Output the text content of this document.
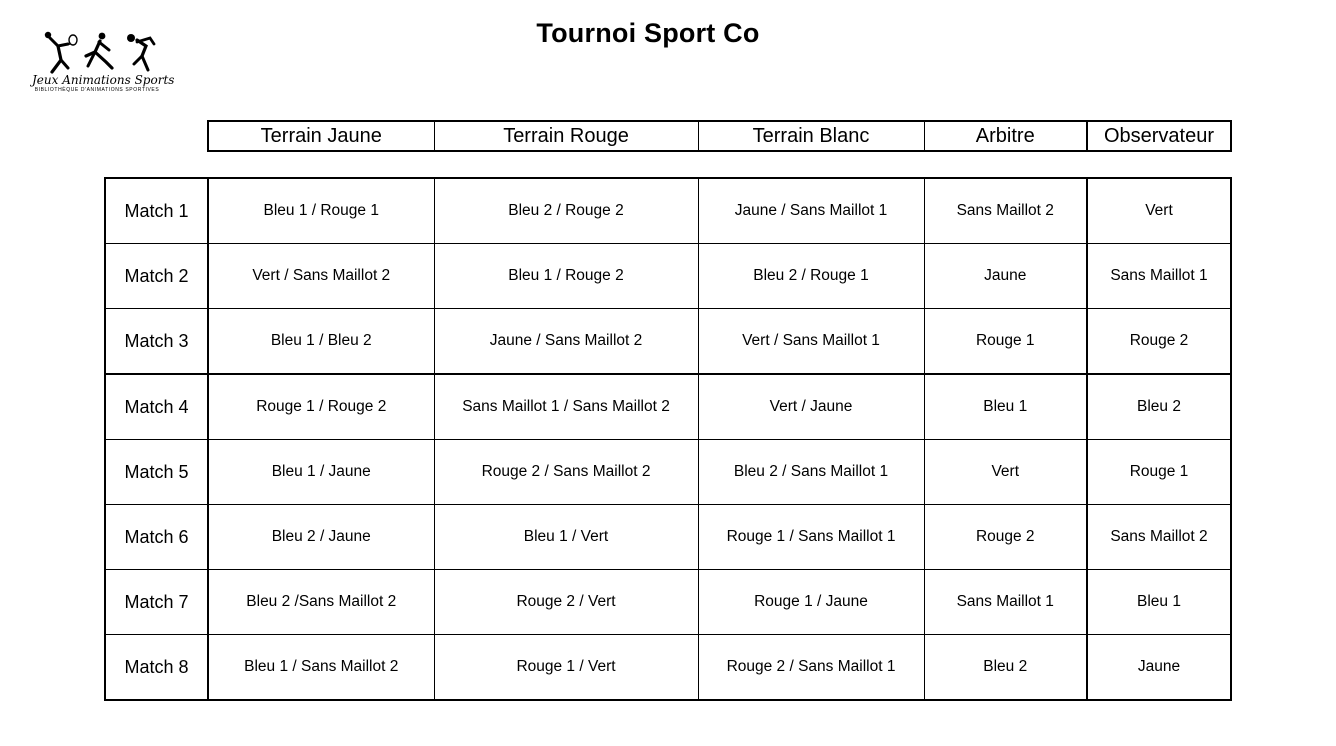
Jeux Animations Sports
BIBLIOTHÈQUE D'ANIMATIONS SPORTIVES
Tournoi Sport Co
Terrain Jaune	Terrain Rouge	Terrain Blanc	Arbitre	Observateur
Match 1	Bleu 1 / Rouge 1	Bleu 2 / Rouge 2	Jaune / Sans Maillot 1	Sans Maillot 2	Vert
Match 2	Vert / Sans Maillot 2	Bleu 1 / Rouge 2	Bleu 2 / Rouge 1	Jaune	Sans Maillot 1
Match 3	Bleu 1 / Bleu 2	Jaune / Sans Maillot 2	Vert / Sans Maillot 1	Rouge 1	Rouge 2
Match 4	Rouge 1 / Rouge 2	Sans Maillot 1 / Sans Maillot 2	Vert / Jaune	Bleu 1	Bleu 2
Match 5	Bleu 1 / Jaune	Rouge 2 / Sans Maillot 2	Bleu 2 / Sans Maillot 1	Vert	Rouge 1
Match 6	Bleu 2 / Jaune	Bleu 1 / Vert	Rouge 1 / Sans Maillot 1	Rouge 2	Sans Maillot 2
Match 7	Bleu 2 /Sans Maillot 2	Rouge 2 / Vert	Rouge 1 / Jaune	Sans Maillot 1	Bleu 1
Match 8	Bleu 1 / Sans Maillot 2	Rouge 1 / Vert	Rouge 2 / Sans Maillot 1	Bleu 2	Jaune
